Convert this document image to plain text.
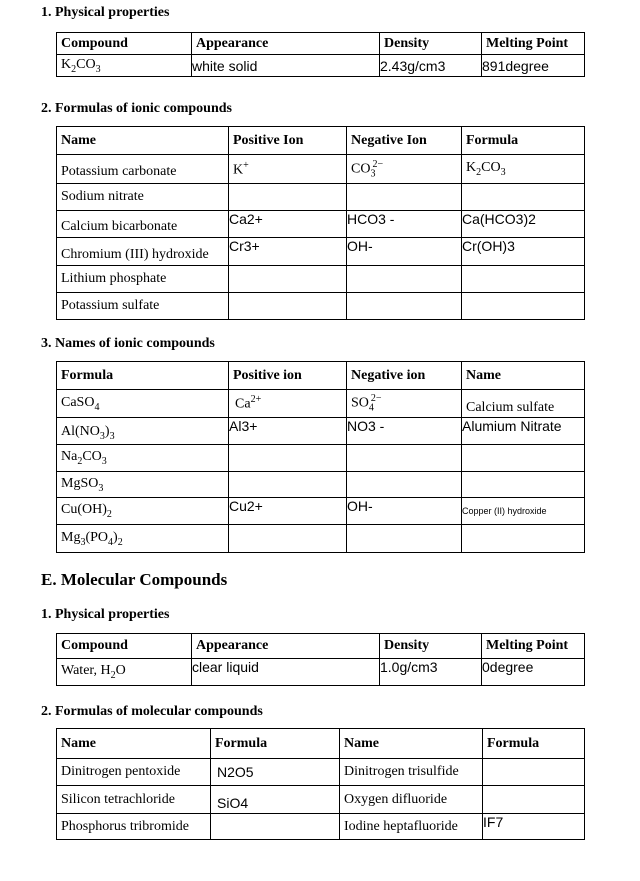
1. Physical properties
Compound	Appearance	Density	Melting Point
$K_2CO_3$	white solid	2.43g/cm3	891degree
2. Formulas of ionic compounds
Name	Positive Ion	Negative Ion	Formula
Potassium carbonate	K+	$CO_3^{2-}$	$K_2CO_3$
Sodium nitrate			
Calcium bicarbonate	Ca2+	HCO3 -	Ca(HCO3)2
Chromium (III) hydroxide	Cr3+	OH-	Cr(OH)3
Lithium phosphate			
Potassium sulfate			
3. Names of ionic compounds
Formula	Positive ion	Negative ion	Name
CaSO$_4$	$Ca^{2+}$	$SO_4^{2-}$	Calcium sulfate
$Al(NO_3)_3$	Al3+	NO3 -	Alumium Nitrate
$Na_2CO_3$			
MgSO$_3$			
$Cu(OH)_2$	Cu2+	OH-	Copper (II) hydroxide
$Mg_3(PO_4)_2$			
E. Molecular Compounds
1. Physical properties
Compound	Appearance	Density	Melting Point
Water, $H_2O$	clear liquid	1.0g/cm3	0degree
2. Formulas of molecular compounds
Name	Formula	Name	Formula
Dinitrogen pentoxide	N2O5	Dinitrogen trisulfide	
Silicon tetrachloride	SiO4	Oxygen difluoride	
Phosphorus tribromide		Iodine heptafluoride	IF7
